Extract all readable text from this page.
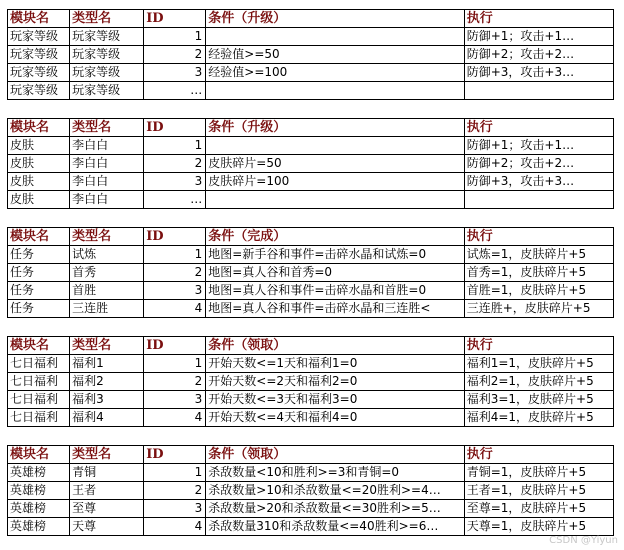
模块名	类型名	ID	条件（升级）	执行
玩家等级	玩家等级	1		防御+1；攻击+1…
玩家等级	玩家等级	2	经验值>=50	防御+2；攻击+2…
玩家等级	玩家等级	3	经验值>=100	防御+3，攻击+3…
玩家等级	玩家等级	…		
模块名	类型名	ID	条件（升级）	执行
皮肤	李白白	1		防御+1；攻击+1…
皮肤	李白白	2	皮肤碎片=50	防御+2；攻击+2…
皮肤	李白白	3	皮肤碎片=100	防御+3，攻击+3…
皮肤	李白白	…		
模块名	类型名	ID	条件（完成）	执行
任务	试炼	1	地图=新手谷和事件=击碎水晶和试炼=0	试炼=1，皮肤碎片+5
任务	首秀	2	地图=真人谷和首秀=0	首秀=1，皮肤碎片+5
任务	首胜	3	地图=真人谷和事件=击碎水晶和首胜=0	首胜=1，皮肤碎片+5
任务	三连胜	4	地图=真人谷和事件=击碎水晶和三连胜<	三连胜+，皮肤碎片+5
模块名	类型名	ID	条件（领取）	执行
七日福利	福利1	1	开始天数<=1天和福利1=0	福利1=1，皮肤碎片+5
七日福利	福利2	2	开始天数<=2天和福利2=0	福利2=1，皮肤碎片+5
七日福利	福利3	3	开始天数<=3天和福利3=0	福利3=1，皮肤碎片+5
七日福利	福利4	4	开始天数<=4天和福利4=0	福利4=1，皮肤碎片+5
模块名	类型名	ID	条件（领取）	执行
英雄榜	青铜	1	杀敌数量<10和胜利>=3和青铜=0	青铜=1，皮肤碎片+5
英雄榜	王者	2	杀敌数量>10和杀敌数量<=20胜利>=4…	王者=1，皮肤碎片+5
英雄榜	至尊	3	杀敌数量>20和杀敌数量<=30胜利>=5…	至尊=1，皮肤碎片+5
英雄榜	天尊	4	杀敌数量310和杀敌数量<=40胜利>=6…	天尊=1，皮肤碎片+5
CSDN @Yiyun
